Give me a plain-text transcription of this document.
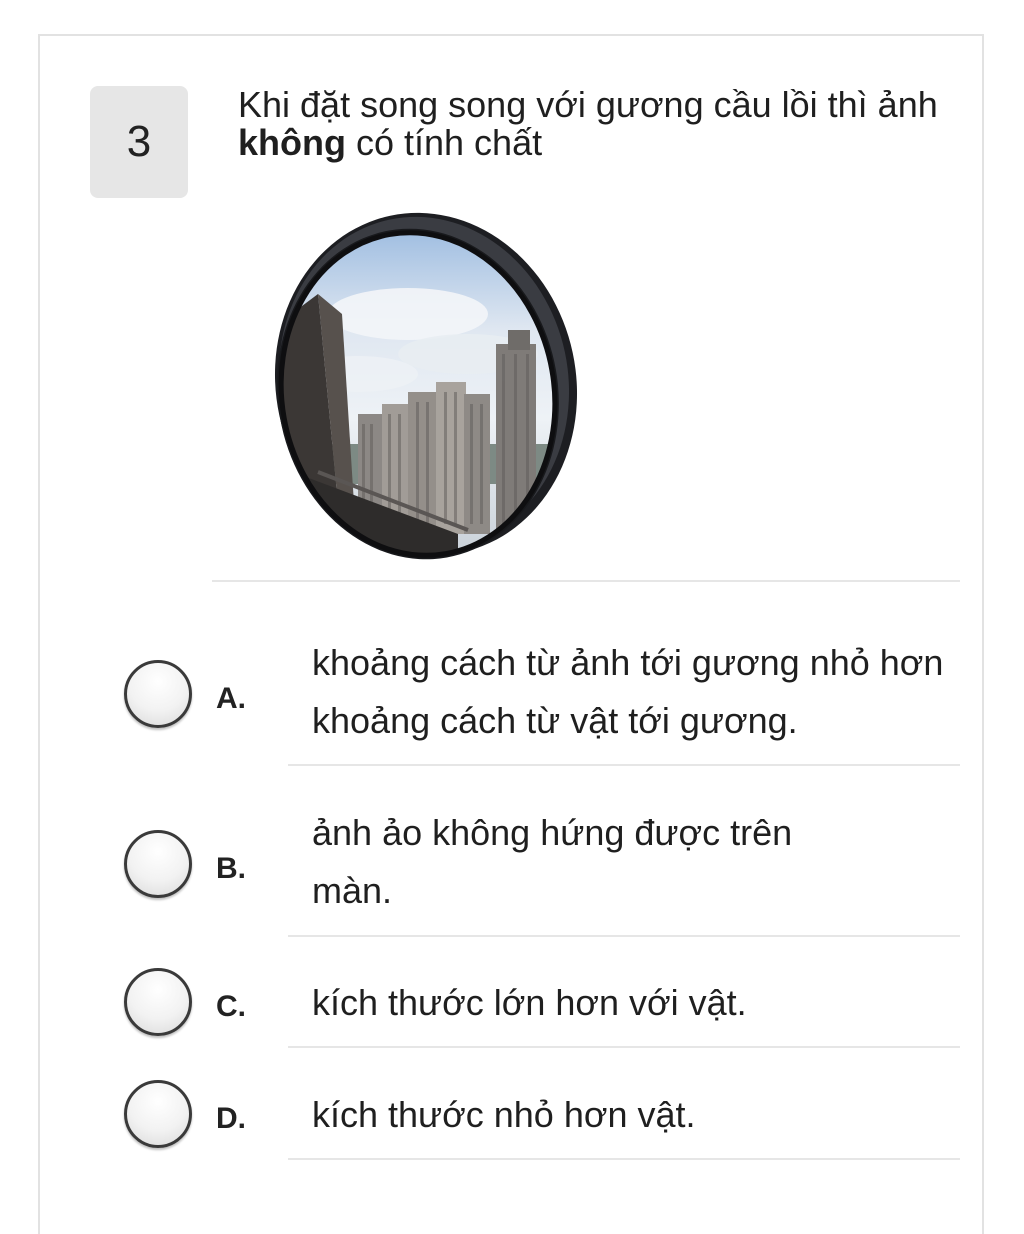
3
Khi đặt song song với gương cầu lồi thì ảnh không có tính chất
A.
khoảng cách từ ảnh tới gương nhỏ hơn khoảng cách từ vật tới gương.
B.
ảnh ảo không hứng được trên màn.
C. kích thước lớn hơn với vật.
D. kích thước nhỏ hơn vật.
